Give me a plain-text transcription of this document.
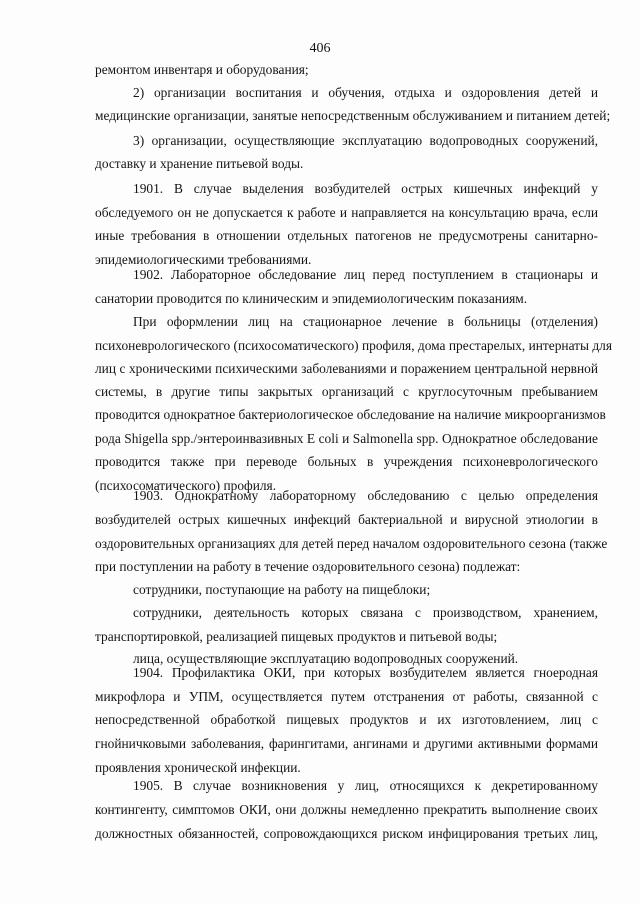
406
ремонтом инвентаря и оборудования;
2) организации воспитания и обучения, отдыха и оздоровления детей и
медицинские организации, занятые непосредственным обслуживанием и питанием детей;
3) организации, осуществляющие эксплуатацию водопроводных сооружений,
доставку и хранение питьевой воды.
1901. В случае выделения возбудителей острых кишечных инфекций у
обследуемого он не допускается к работе и направляется на консультацию врача, если
иные требования в отношении отдельных патогенов не предусмотрены санитарно-
эпидемиологическими требованиями.
1902. Лабораторное обследование лиц перед поступлением в стационары и
санатории проводится по клиническим и эпидемиологическим показаниям.
При оформлении лиц на стационарное лечение в больницы (отделения)
психоневрологического (психосоматического) профиля, дома престарелых, интернаты для
лиц с хроническими психическими заболеваниями и поражением центральной нервной
системы, в другие типы закрытых организаций с круглосуточным пребыванием
проводится однократное бактериологическое обследование на наличие микроорганизмов
рода Shigella spp./энтероинвазивных E coli и Salmonella spp. Однократное обследование
проводится также при переводе больных в учреждения психоневрологического
(психосоматического) профиля.
1903. Однократному лабораторному обследованию с целью определения
возбудителей острых кишечных инфекций бактериальной и вирусной этиологии в
оздоровительных организациях для детей перед началом оздоровительного сезона (также
при поступлении на работу в течение оздоровительного сезона) подлежат:
сотрудники, поступающие на работу на пищеблоки;
сотрудники, деятельность которых связана с производством, хранением,
транспортировкой, реализацией пищевых продуктов и питьевой воды;
лица, осуществляющие эксплуатацию водопроводных сооружений.
1904. Профилактика ОКИ, при которых возбудителем является гноеродная
микрофлора и УПМ, осуществляется путем отстранения от работы, связанной с
непосредственной обработкой пищевых продуктов и их изготовлением, лиц с
гнойничковыми заболевания, фарингитами, ангинами и другими активными формами
проявления хронической инфекции.
1905. В случае возникновения у лиц, относящихся к декретированному
контингенту, симптомов ОКИ, они должны немедленно прекратить выполнение своих
должностных обязанностей, сопровождающихся риском инфицирования третьих лиц,
